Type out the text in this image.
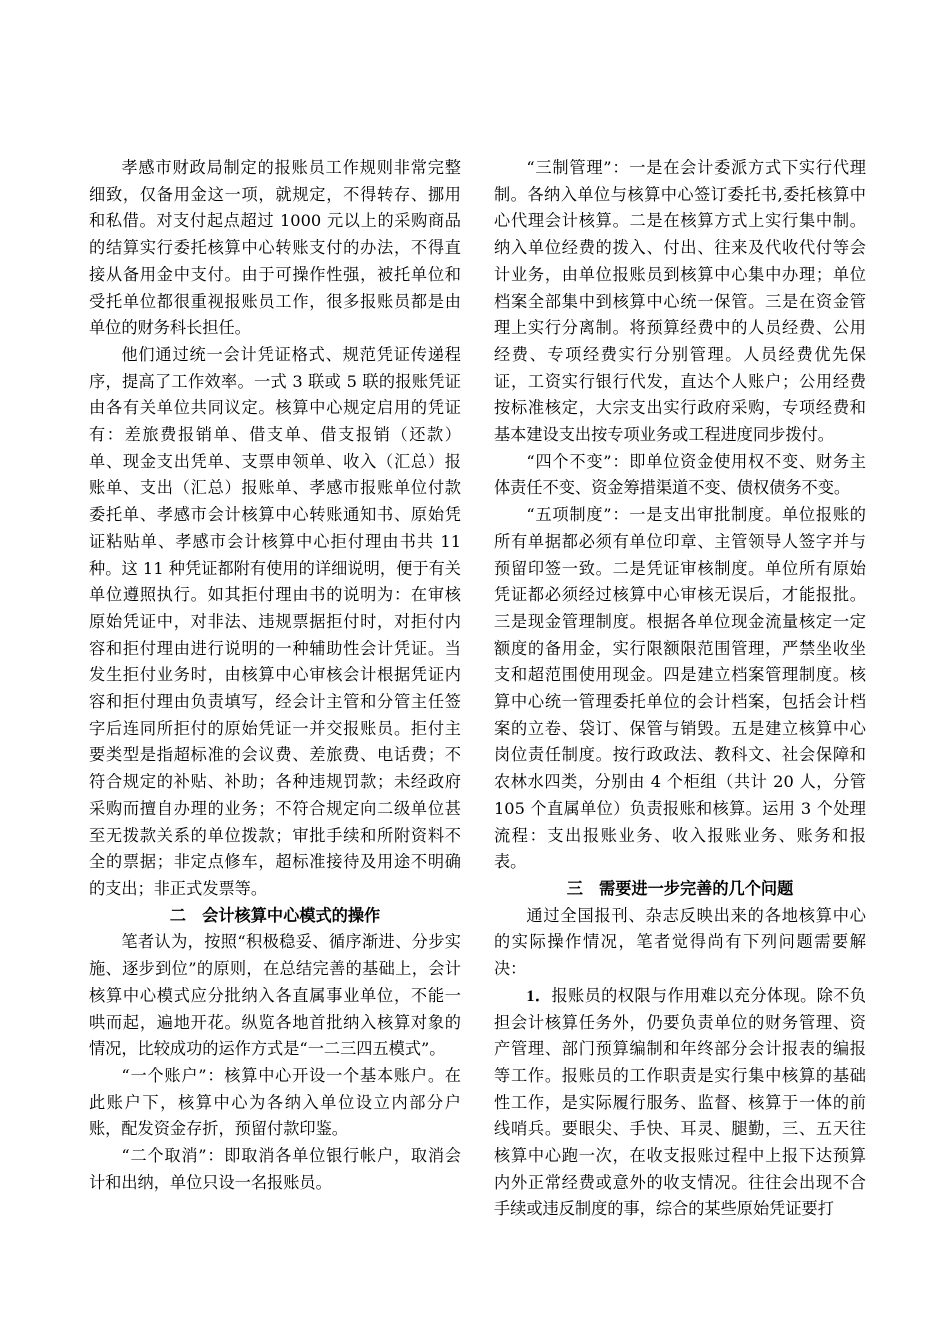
孝感市财政局制定的报账员工作规则非常完整细致，仅备用金这一项，就规定，不得转存、挪用和私借。对支付起点超过 1000 元以上的采购商品的结算实行委托核算中心转账支付的办法，不得直接从备用金中支付。由于可操作性强，被托单位和受托单位都很重视报账员工作，很多报账员都是由单位的财务科长担任。

他们通过统一会计凭证格式、规范凭证传递程序，提高了工作效率。一式 3 联或 5 联的报账凭证由各有关单位共同议定。核算中心规定启用的凭证有：差旅费报销单、借支单、借支报销（还款）单、现金支出凭单、支票申领单、收入（汇总）报账单、支出（汇总）报账单、孝感市报账单位付款委托单、孝感市会计核算中心转账通知书、原始凭证粘贴单、孝感市会计核算中心拒付理由书共 11 种。这 11 种凭证都附有使用的详细说明，便于有关单位遵照执行。如其拒付理由书的说明为：在审核原始凭证中，对非法、违规票据拒付时，对拒付内容和拒付理由进行说明的一种辅助性会计凭证。当发生拒付业务时，由核算中心审核会计根据凭证内容和拒付理由负责填写，经会计主管和分管主任签字后连同所拒付的原始凭证一并交报账员。拒付主要类型是指超标准的会议费、差旅费、电话费；不符合规定的补贴、补助；各种违规罚款；未经政府采购而擅自办理的业务；不符合规定向二级单位甚至无拨款关系的单位拨款；审批手续和所附资料不全的票据；非定点修车，超标准接待及用途不明确的支出；非正式发票等。

二　会计核算中心模式的操作

笔者认为，按照“积极稳妥、循序渐进、分步实施、逐步到位”的原则，在总结完善的基础上，会计核算中心模式应分批纳入各直属事业单位，不能一哄而起，遍地开花。纵览各地首批纳入核算对象的情况，比较成功的运作方式是“一二三四五模式”。

“一个账户”：核算中心开设一个基本账户。在此账户下，核算中心为各纳入单位设立内部分户账，配发资金存折，预留付款印鉴。

“二个取消”：即取消各单位银行帐户，取消会计和出纳，单位只设一名报账员。

“三制管理”：一是在会计委派方式下实行代理制。各纳入单位与核算中心签订委托书,委托核算中心代理会计核算。二是在核算方式上实行集中制。纳入单位经费的拨入、付出、往来及代收代付等会计业务，由单位报账员到核算中心集中办理；单位档案全部集中到核算中心统一保管。三是在资金管理上实行分离制。将预算经费中的人员经费、公用经费、专项经费实行分别管理。人员经费优先保证，工资实行银行代发，直达个人账户；公用经费按标准核定，大宗支出实行政府采购，专项经费和基本建设支出按专项业务或工程进度同步拨付。

“四个不变”：即单位资金使用权不变、财务主体责任不变、资金筹措渠道不变、债权债务不变。

“五项制度”：一是支出审批制度。单位报账的所有单据都必须有单位印章、主管领导人签字并与预留印签一致。二是凭证审核制度。单位所有原始凭证都必须经过核算中心审核无误后，才能报批。三是现金管理制度。根据各单位现金流量核定一定额度的备用金，实行限额限范围管理，严禁坐收坐支和超范围使用现金。四是建立档案管理制度。核算中心统一管理委托单位的会计档案，包括会计档案的立卷、袋订、保管与销毁。五是建立核算中心岗位责任制度。按行政政法、教科文、社会保障和农林水四类，分别由 4 个柜组（共计 20 人，分管 105 个直属单位）负责报账和核算。运用 3 个处理流程：支出报账业务、收入报账业务、账务和报表。

三　需要进一步完善的几个问题

通过全国报刊、杂志反映出来的各地核算中心的实际操作情况，笔者觉得尚有下列问题需要解决：

1．报账员的权限与作用难以充分体现。除不负担会计核算任务外，仍要负责单位的财务管理、资产管理、部门预算编制和年终部分会计报表的编报等工作。报账员的工作职责是实行集中核算的基础性工作，是实际履行服务、监督、核算于一体的前线哨兵。要眼尖、手快、耳灵、腿勤，三、五天往核算中心跑一次，在收支报账过程中上报下达预算内外正常经费或意外的收支情况。往往会出现不合手续或违反制度的事，综合的某些原始凭证要打
